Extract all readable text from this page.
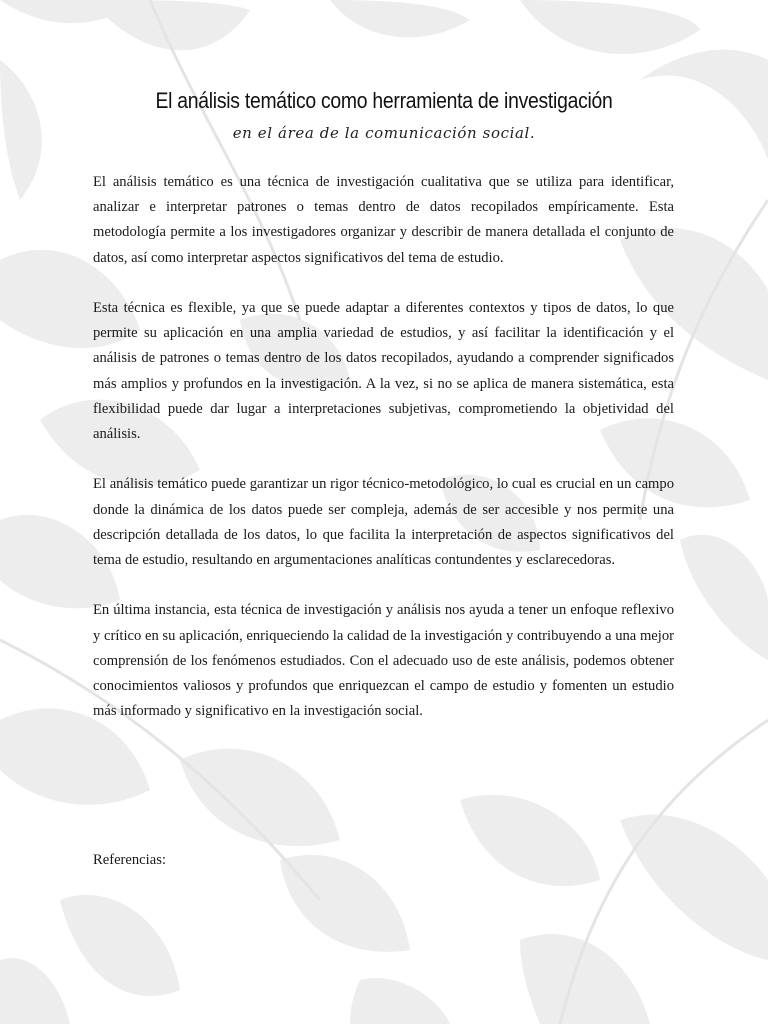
El análisis temático como herramienta de investigación
en el área de la comunicación social.

El análisis temático es una técnica de investigación cualitativa que se utiliza para identificar, analizar e interpretar patrones o temas dentro de datos recopilados empíricamente. Esta metodología permite a los investigadores organizar y describir de manera detallada el conjunto de datos, así como interpretar aspectos significativos del tema de estudio.

Esta técnica es flexible, ya que se puede adaptar a diferentes contextos y tipos de datos, lo que permite su aplicación en una amplia variedad de estudios, y así facilitar la identificación y el análisis de patrones o temas dentro de los datos recopilados, ayudando a comprender significados más amplios y profundos en la investigación. A la vez, si no se aplica de manera sistemática, esta flexibilidad puede dar lugar a interpretaciones subjetivas, comprometiendo la objetividad del análisis.

El análisis temático puede garantizar un rigor técnico-metodológico, lo cual es crucial en un campo donde la dinámica de los datos puede ser compleja, además de ser accesible y nos permite una descripción detallada de los datos, lo que facilita la interpretación de aspectos significativos del tema de estudio, resultando en argumentaciones analíticas contundentes y esclarecedoras.

En última instancia, esta técnica de investigación y análisis nos ayuda a tener un enfoque reflexivo y crítico en su aplicación, enriqueciendo la calidad de la investigación y contribuyendo a una mejor comprensión de los fenómenos estudiados. Con el adecuado uso de este análisis, podemos obtener conocimientos valiosos y profundos que enriquezcan el campo de estudio y fomenten un estudio más informado y significativo en la investigación social.

Referencias:
